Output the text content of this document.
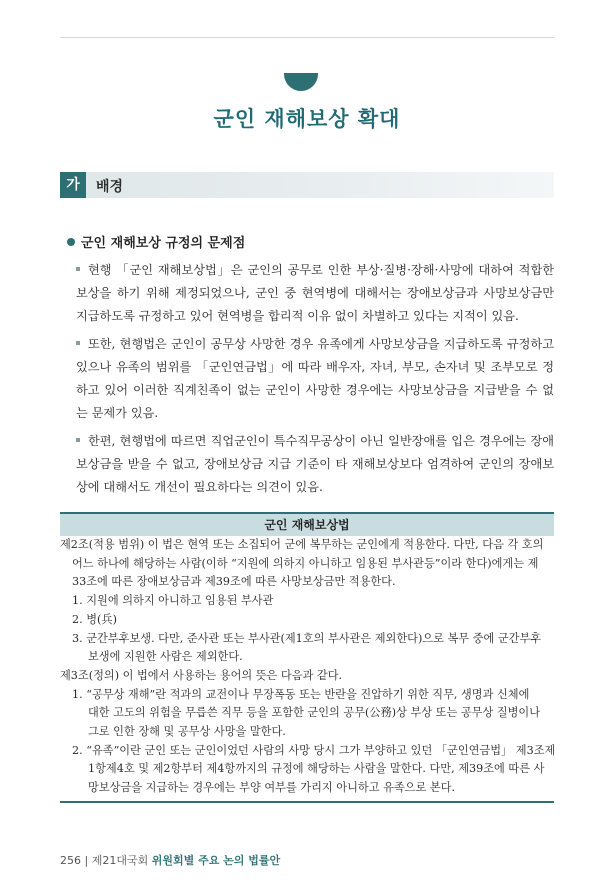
군인 재해보상 확대
가	배경
군인 재해보상 규정의 문제점
현행 「군인 재해보상법」은 군인의 공무로 인한 부상·질병·장해·사망에 대하여 적합한 보상을 하기 위해 제정되었으나, 군인 중 현역병에 대해서는 장애보상금과 사망보상금만 지급하도록 규정하고 있어 현역병을 합리적 이유 없이 차별하고 있다는 지적이 있음.
또한, 현행법은 군인이 공무상 사망한 경우 유족에게 사망보상금을 지급하도록 규정하고 있으나 유족의 범위를 「군인연금법」에 따라 배우자, 자녀, 부모, 손자녀 및 조부모로 정하고 있어 이러한 직계친족이 없는 군인이 사망한 경우에는 사망보상금을 지급받을 수 없는 문제가 있음.
한편, 현행법에 따르면 직업군인이 특수직무공상이 아닌 일반장애를 입은 경우에는 장애보상금을 받을 수 없고, 장애보상금 지급 기준이 타 재해보상보다 엄격하여 군인의 장애보상에 대해서도 개선이 필요하다는 의견이 있음.
군인 재해보상법
제2조(적용 범위) 이 법은 현역 또는 소집되어 군에 복무하는 군인에게 적용한다. 다만, 다음 각 호의
어느 하나에 해당하는 사람(이하 “지원에 의하지 아니하고 임용된 부사관등”이라 한다)에게는 제
33조에 따른 장애보상금과 제39조에 따른 사망보상금만 적용한다.
1. 지원에 의하지 아니하고 임용된 부사관
2. 병(兵)
3. 군간부후보생. 다만, 준사관 또는 부사관(제1호의 부사관은 제외한다)으로 복무 중에 군간부후
보생에 지원한 사람은 제외한다.
제3조(정의) 이 법에서 사용하는 용어의 뜻은 다음과 같다.
1. “공무상 재해”란 적과의 교전이나 무장폭동 또는 반란을 진압하기 위한 직무, 생명과 신체에
대한 고도의 위험을 무릅쓴 직무 등을 포함한 군인의 공무(公務)상 부상 또는 공무상 질병이나
그로 인한 장해 및 공무상 사망을 말한다.
2. “유족”이란 군인 또는 군인이었던 사람의 사망 당시 그가 부양하고 있던 「군인연금법」 제3조제
1항제4호 및 제2항부터 제4항까지의 규정에 해당하는 사람을 말한다. 다만, 제39조에 따른 사
망보상금을 지급하는 경우에는 부양 여부를 가리지 아니하고 유족으로 본다.
256 | 제21대국회 위원회별 주요 논의 법률안
